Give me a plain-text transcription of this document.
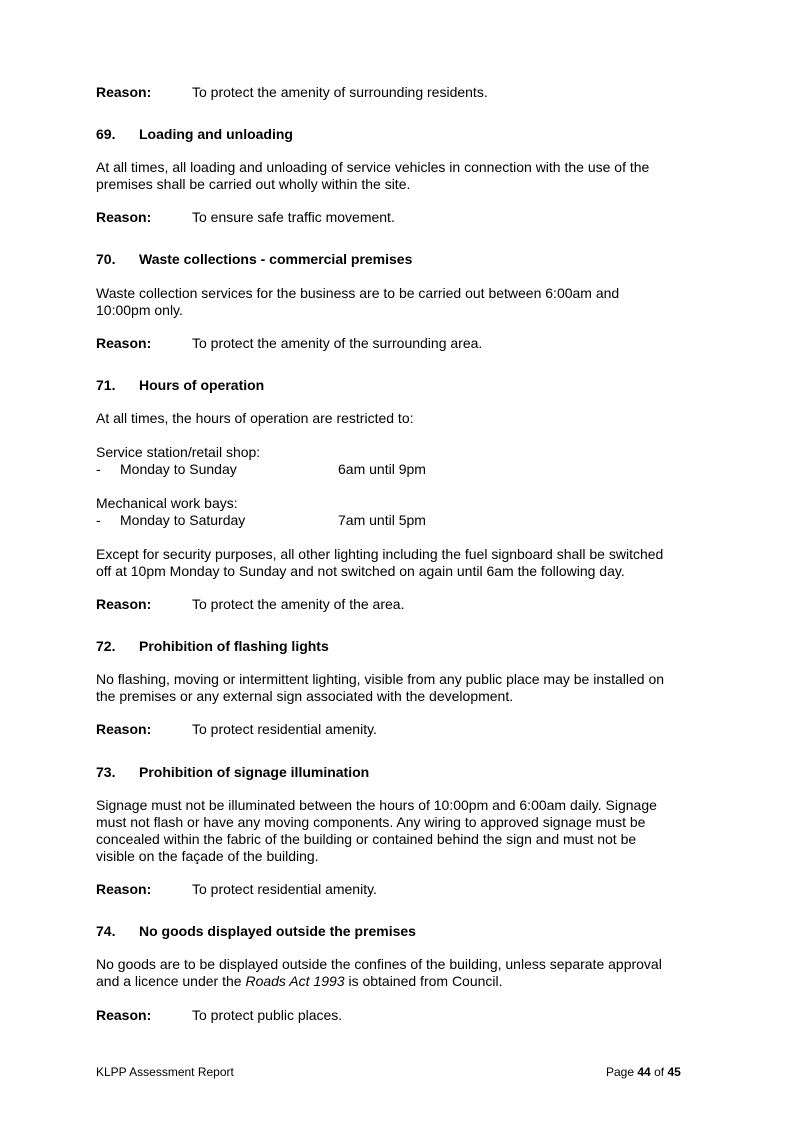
Reason:	To protect the amenity of surrounding residents.
69. Loading and unloading
At all times, all loading and unloading of service vehicles in connection with the use of the
premises shall be carried out wholly within the site.
Reason:	To ensure safe traffic movement.
70. Waste collections - commercial premises
Waste collection services for the business are to be carried out between 6:00am and
10:00pm only.
Reason:	To protect the amenity of the surrounding area.
71. Hours of operation
At all times, the hours of operation are restricted to:
Service station/retail shop:
- Monday to Sunday	6am until 9pm
Mechanical work bays:
- Monday to Saturday	7am until 5pm
Except for security purposes, all other lighting including the fuel signboard shall be switched
off at 10pm Monday to Sunday and not switched on again until 6am the following day.
Reason:	To protect the amenity of the area.
72. Prohibition of flashing lights
No flashing, moving or intermittent lighting, visible from any public place may be installed on
the premises or any external sign associated with the development.
Reason:	To protect residential amenity.
73. Prohibition of signage illumination
Signage must not be illuminated between the hours of 10:00pm and 6:00am daily. Signage
must not flash or have any moving components. Any wiring to approved signage must be
concealed within the fabric of the building or contained behind the sign and must not be
visible on the façade of the building.
Reason:	To protect residential amenity.
74. No goods displayed outside the premises
No goods are to be displayed outside the confines of the building, unless separate approval
and a licence under the Roads Act 1993 is obtained from Council.
Reason:	To protect public places.
KLPP Assessment Report	Page 44 of 45
